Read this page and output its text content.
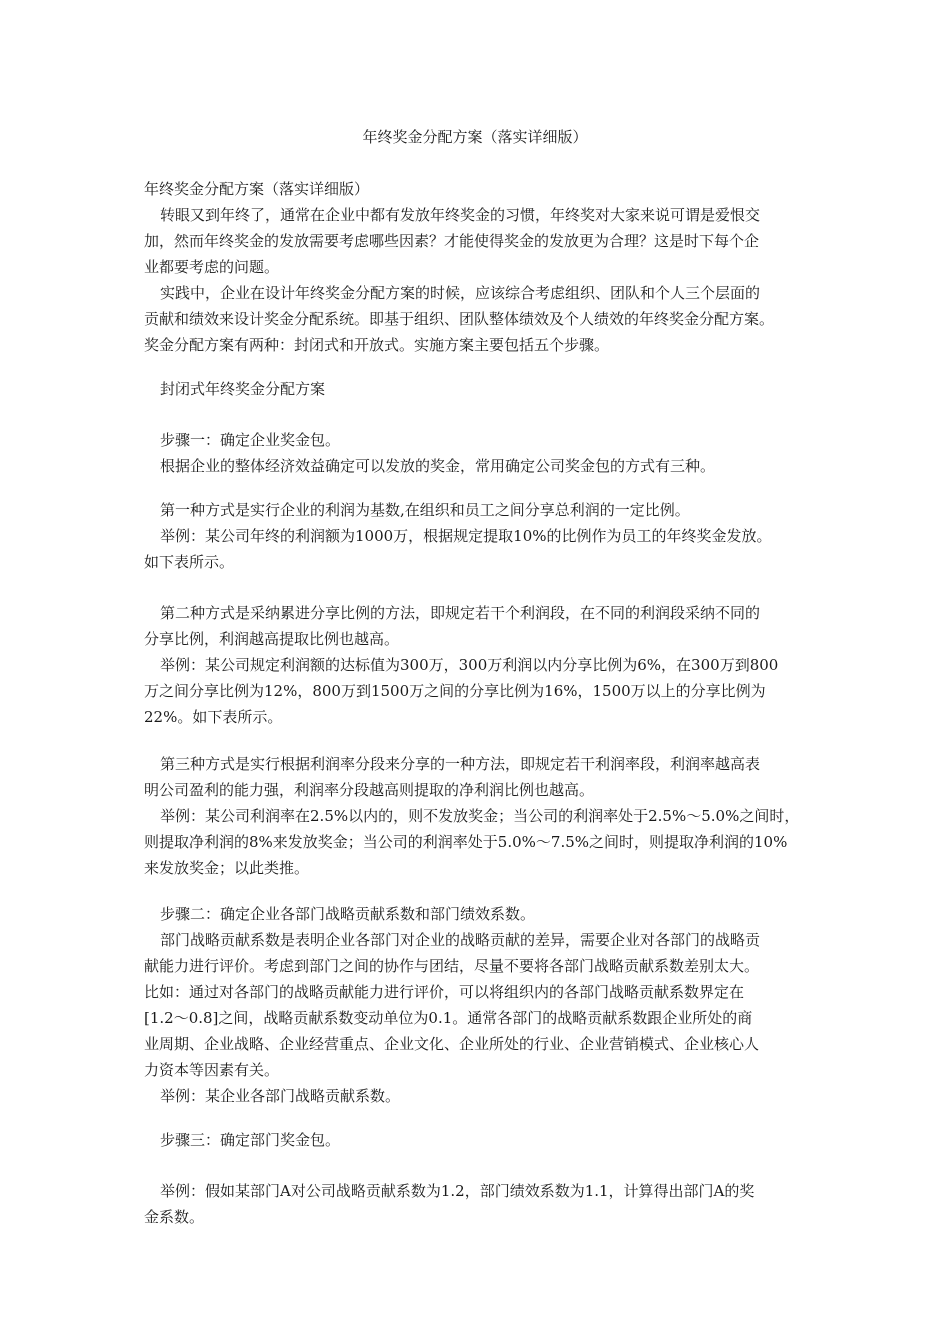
年终奖金分配方案（落实详细版）
年终奖金分配方案（落实详细版）
转眼又到年终了，通常在企业中都有发放年终奖金的习惯，年终奖对大家来说可谓是爱恨交
加，然而年终奖金的发放需要考虑哪些因素？才能使得奖金的发放更为合理？这是时下每个企
业都要考虑的问题。
实践中，企业在设计年终奖金分配方案的时候，应该综合考虑组织、团队和个人三个层面的
贡献和绩效来设计奖金分配系统。即基于组织、团队整体绩效及个人绩效的年终奖金分配方案。
奖金分配方案有两种：封闭式和开放式。实施方案主要包括五个步骤。
封闭式年终奖金分配方案
步骤一：确定企业奖金包。
根据企业的整体经济效益确定可以发放的奖金，常用确定公司奖金包的方式有三种。
第一种方式是实行企业的利润为基数,在组织和员工之间分享总利润的一定比例。
举例：某公司年终的利润额为1000万，根据规定提取10%的比例作为员工的年终奖金发放。
如下表所示。
第二种方式是采纳累进分享比例的方法，即规定若干个利润段，在不同的利润段采纳不同的
分享比例，利润越高提取比例也越高。
举例：某公司规定利润额的达标值为300万，300万利润以内分享比例为6%，在300万到800
万之间分享比例为12%，800万到1500万之间的分享比例为16%，1500万以上的分享比例为
22%。如下表所示。
第三种方式是实行根据利润率分段来分享的一种方法，即规定若干利润率段，利润率越高表
明公司盈利的能力强，利润率分段越高则提取的净利润比例也越高。
举例：某公司利润率在2.5%以内的，则不发放奖金；当公司的利润率处于2.5%～5.0%之间时，
则提取净利润的8%来发放奖金；当公司的利润率处于5.0%～7.5%之间时，则提取净利润的10%
来发放奖金；以此类推。
步骤二：确定企业各部门战略贡献系数和部门绩效系数。
部门战略贡献系数是表明企业各部门对企业的战略贡献的差异，需要企业对各部门的战略贡
献能力进行评价。考虑到部门之间的协作与团结，尽量不要将各部门战略贡献系数差别太大。
比如：通过对各部门的战略贡献能力进行评价，可以将组织内的各部门战略贡献系数界定在
[1.2～0.8]之间，战略贡献系数变动单位为0.1。通常各部门的战略贡献系数跟企业所处的商
业周期、企业战略、企业经营重点、企业文化、企业所处的行业、企业营销模式、企业核心人
力资本等因素有关。
举例：某企业各部门战略贡献系数。
步骤三：确定部门奖金包。
举例：假如某部门A对公司战略贡献系数为1.2，部门绩效系数为1.1，计算得出部门A的奖
金系数。
